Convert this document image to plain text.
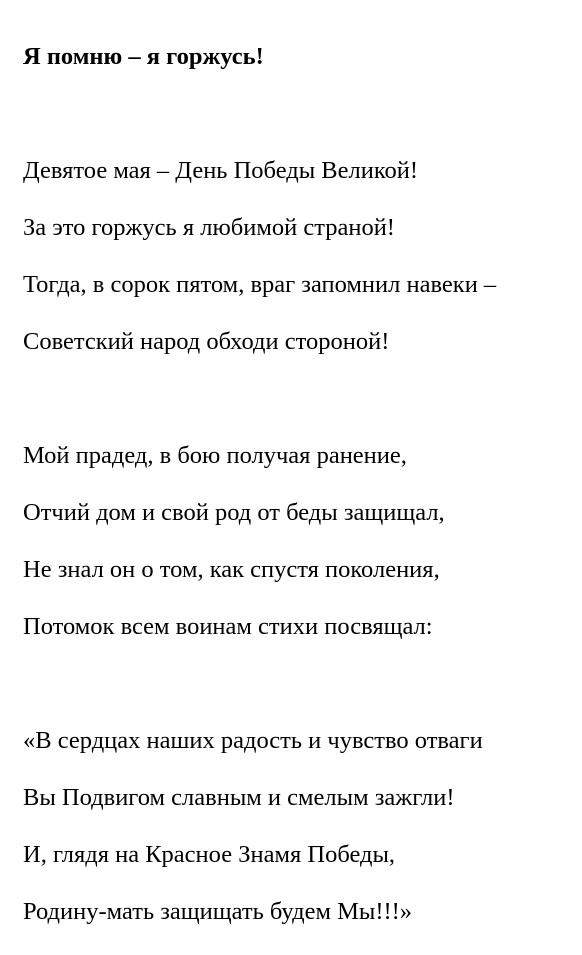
Я помню – я горжусь!
Девятое мая – День Победы Великой!
За это горжусь я любимой страной!
Тогда, в сорок пятом, враг запомнил навеки –
Советский народ обходи стороной!
Мой прадед, в бою получая ранение,
Отчий дом и свой род от беды защищал,
Не знал он о том, как спустя поколения,
Потомок всем воинам стихи посвящал:
«В сердцах наших радость и чувство отваги
Вы Подвигом славным и смелым зажгли!
И, глядя на Красное Знамя Победы,
Родину-мать защищать будем Мы!!!»
